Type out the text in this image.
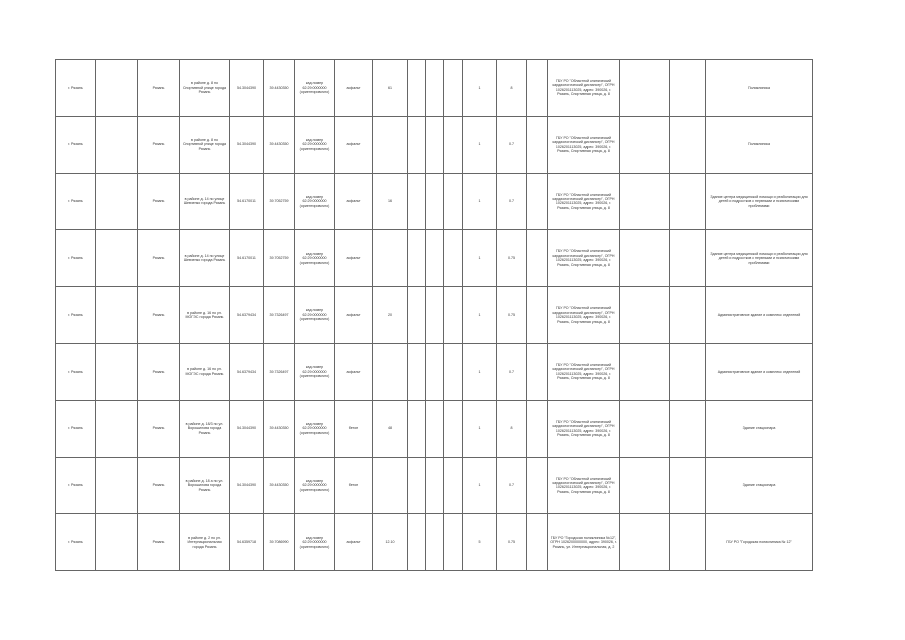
г. Рязань		Рязань	в районе д. 8 по Спортивной улице города Рязань	54.3044390	39.4430350	кад.номер 62:29:0000000 (ориентировочно)	асфальт	61				1	8		ГБУ РО "Областной клинический кардиологический диспансер", ОГРН 1026201113025, адрес: 390026, г. Рязань, Спортивная улица, д. 8			Поликлиника
г. Рязань		Рязань	в районе д. 8 по Спортивной улице города Рязань	54.3044390	39.4430350	кад.номер 62:29:0000000 (ориентировочно)	асфальт					1	0.7		ГБУ РО "Областной клинический кардиологический диспансер", ОГРН 1026201113025, адрес: 390026, г. Рязань, Спортивная улица, д. 8			Поликлиника
г. Рязань		Рязань	в районе д. 14 по улице Шевченко города Рязань	54.6170011	39.7052759	кад.номер 62:29:0000000 (ориентировочно)	асфальт	16				1	0.7		ГБУ РО "Областной клинический кардиологический диспансер", ОГРН 1026201113025, адрес: 390026, г. Рязань, Спортивная улица, д. 8			Здание центра медицинской помощи и реабилитации для детей и подростков с нервными и психическими проблемами
г. Рязань		Рязань	в районе д. 14 по улице Шевченко города Рязань	54.6170011	39.7052759	кад.номер 62:29:0000000 (ориентировочно)	асфальт					1	0.75		ГБУ РО "Областной клинический кардиологический диспансер", ОГРН 1026201113025, адрес: 390026, г. Рязань, Спортивная улица, д. 8			Здание центра медицинской помощи и реабилитации для детей и подростков с нервными и психическими проблемами
г. Рязань		Рязань	в районе д. 16 по ул. МОГЭС города Рязань	54.6379434	39.7326497	кад.номер 62:29:0000000 (ориентировочно)	асфальт	20				1	0.75		ГБУ РО "Областной клинический кардиологический диспансер", ОГРН 1026201113025, адрес: 390026, г. Рязань, Спортивная улица, д. 8			Административное здание и комплекс отделений
г. Рязань		Рязань	в районе д. 16 по ул. МОГЭС города Рязань	54.6379434	39.7326497	кад.номер 62:29:0000000 (ориентировочно)	асфальт					1	0.7		ГБУ РО "Областной клинический кардиологический диспансер", ОГРН 1026201113025, адрес: 390026, г. Рязань, Спортивная улица, д. 8			Административное здание и комплекс отделений
г. Рязань		Рязань	в районе д. 18/3 по ул. Ворошилова города Рязань	54.3044390	39.4430350	кад.номер 62:29:0000000 (ориентировочно)	бетон	48				1	8		ГБУ РО "Областной клинический кардиологический диспансер", ОГРН 1026201113025, адрес: 390026, г. Рязань, Спортивная улица, д. 8			Здание стационара
г. Рязань		Рязань	в районе д. 18 а по ул. Ворошилова города Рязань	54.3044390	39.4430350	кад.номер 62:29:0000000 (ориентировочно)	бетон					1	0.7		ГБУ РО "Областной клинический кардиологический диспансер", ОГРН 1026201113025, адрес: 390026, г. Рязань, Спортивная улица, д. 8			Здание стационара
г. Рязань		Рязань	в районе д. 2 по ул. Интернациональная города Рязань	54.6359718	39.7086990	кад.номер 62:29:0000000 (ориентировочно)	асфальт	12.10				5	0.75		ГБУ РО "Городская поликлиника №12", ОГРН 1026200000000, адрес: 390026, г. Рязань, ул. Интернациональная, д. 2			ГБУ РО "Городская поликлиника № 12"
